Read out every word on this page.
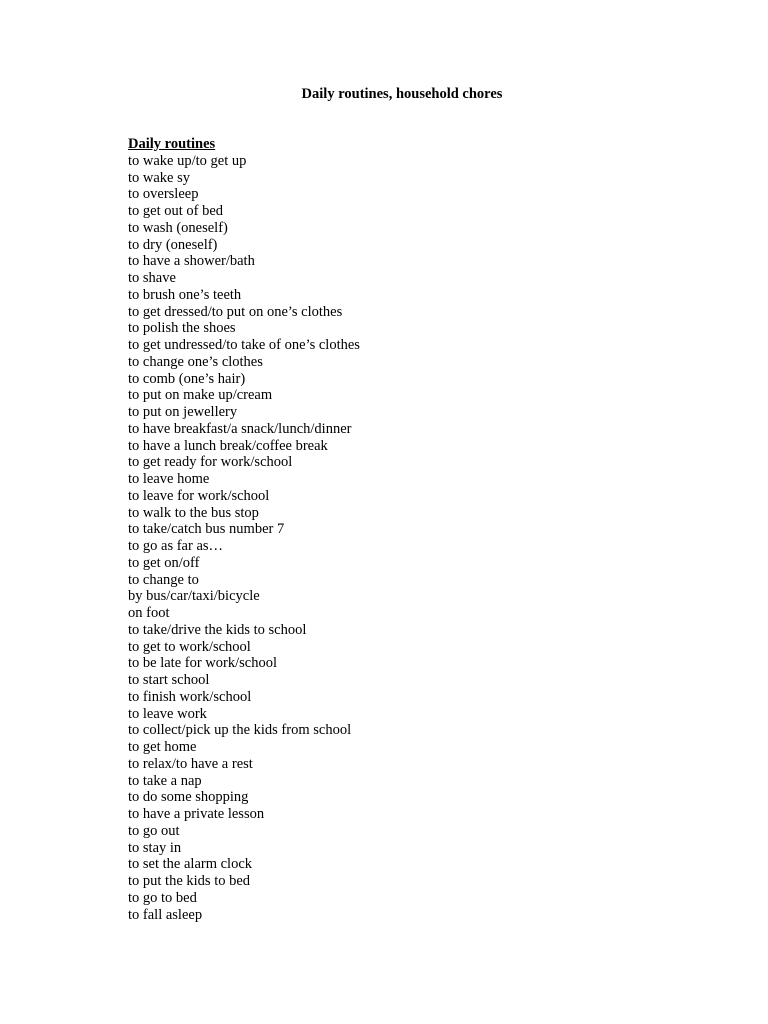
Daily routines, household chores
Daily routines
to wake up/to get up
to wake sy
to oversleep
to get out of bed
to wash (oneself)
to dry (oneself)
to have a shower/bath
to shave
to brush one’s teeth
to get dressed/to put on one’s clothes
to polish the shoes
to get undressed/to take of one’s clothes
to change one’s clothes
to comb (one’s hair)
to put on make up/cream
to put on jewellery
to have breakfast/a snack/lunch/dinner
to have a lunch break/coffee break
to get ready for work/school
to leave home
to leave for work/school
to walk to the bus stop
to take/catch bus number 7
to go as far as…
to get on/off
to change to
by bus/car/taxi/bicycle
on foot
to take/drive the kids to school
to get to work/school
to be late for work/school
to start school
to finish work/school
to leave work
to collect/pick up the kids from school
to get home
to relax/to have a rest
to take a nap
to do some shopping
to have a private lesson
to go out
to stay in
to set the alarm clock
to put the kids to bed
to go to bed
to fall asleep
